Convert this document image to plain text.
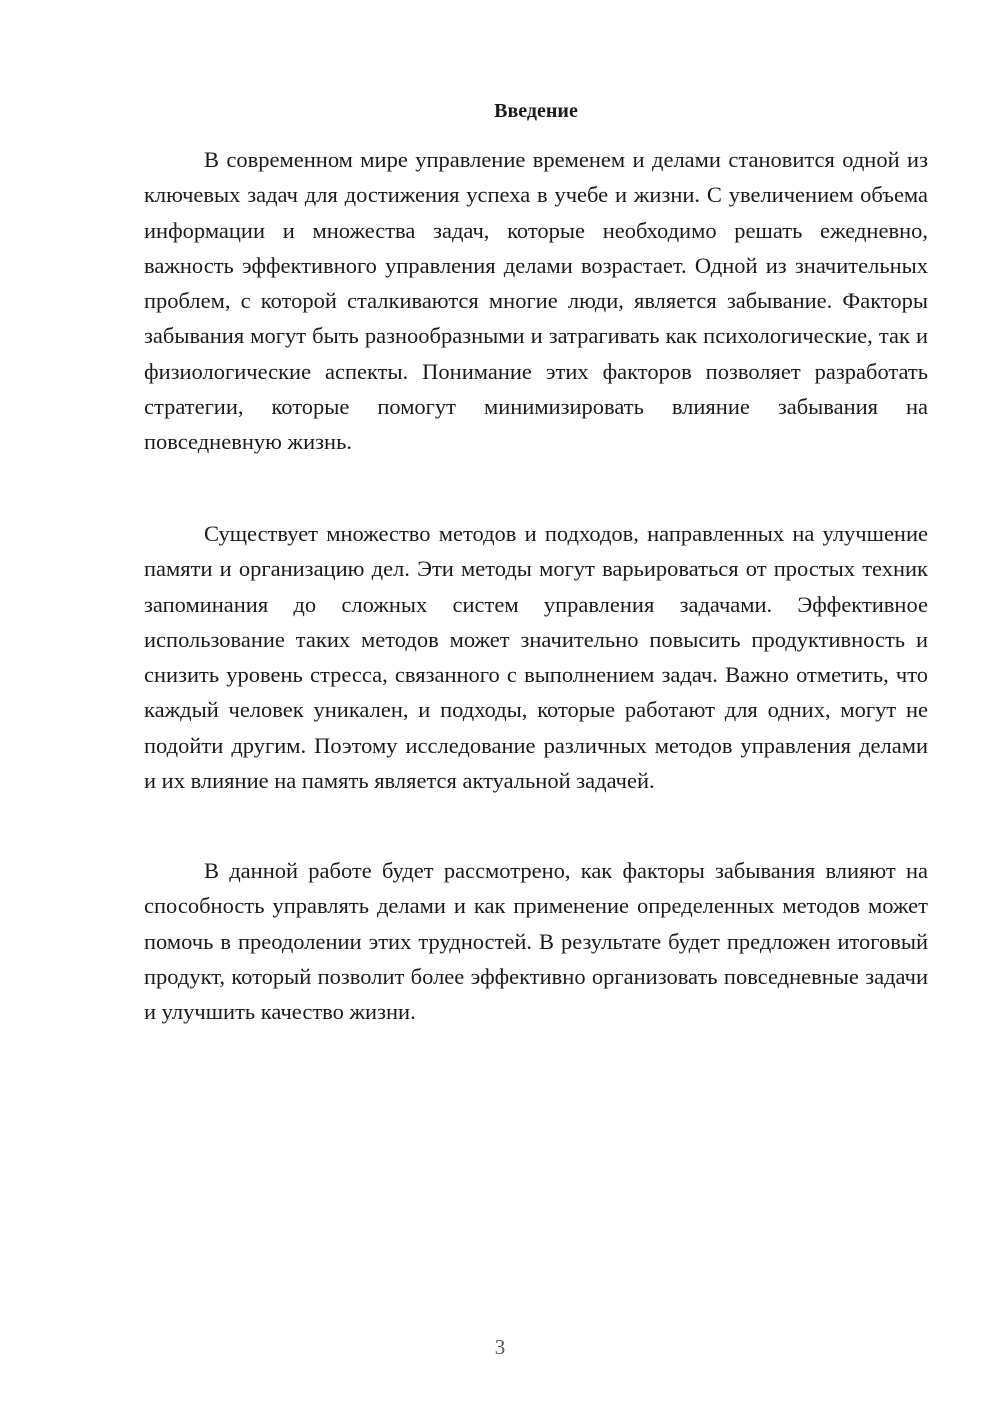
Введение

В современном мире управление временем и делами становится одной из ключевых задач для достижения успеха в учебе и жизни. С увеличением объема информации и множества задач, которые необходимо решать ежедневно, важность эффективного управления делами возрастает. Одной из значительных проблем, с которой сталкиваются многие люди, является забывание. Факторы забывания могут быть разнообразными и затрагивать как психологические, так и физиологические аспекты. Понимание этих факторов позволяет разработать стратегии, которые помогут минимизировать влияние забывания на повседневную жизнь.

Существует множество методов и подходов, направленных на улучшение памяти и организацию дел. Эти методы могут варьироваться от простых техник запоминания до сложных систем управления задачами. Эффективное использование таких методов может значительно повысить продуктивность и снизить уровень стресса, связанного с выполнением задач. Важно отметить, что каждый человек уникален, и подходы, которые работают для одних, могут не подойти другим. Поэтому исследование различных методов управления делами и их влияние на память является актуальной задачей.

В данной работе будет рассмотрено, как факторы забывания влияют на способность управлять делами и как применение определенных методов может помочь в преодолении этих трудностей. В результате будет предложен итоговый продукт, который позволит более эффективно организовать повседневные задачи и улучшить качество жизни.

3
